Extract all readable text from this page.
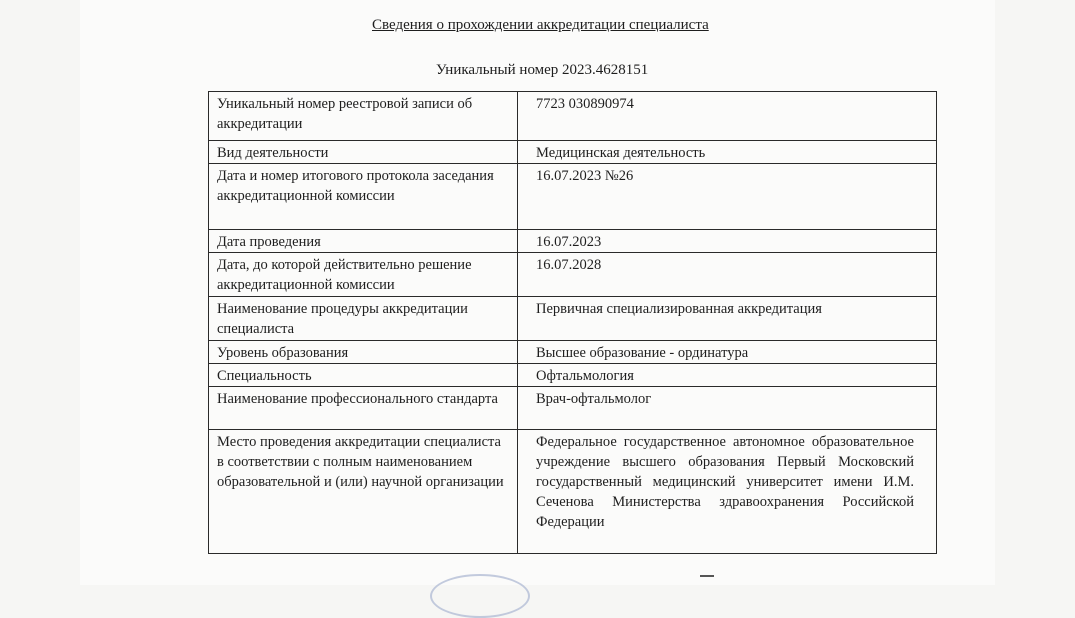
Сведения о прохождении аккредитации специалиста
Уникальный номер 2023.4628151
Уникальный номер реестровой записи об аккредитации	7723 030890974
Вид деятельности	Медицинская деятельность
Дата и номер итогового протокола заседания аккредитационной комиссии	16.07.2023 №26
Дата проведения	16.07.2023
Дата, до которой действительно решение аккредитационной комиссии	16.07.2028
Наименование процедуры аккредитации специалиста	Первичная специализированная аккредитация
Уровень образования	Высшее образование - ординатура
Специальность	Офтальмология
Наименование профессионального стандарта	Врач-офтальмолог
Место проведения аккредитации специалиста в соответствии с полным наименованием образовательной и (или) научной организации	Федеральное государственное автономное образовательное учреждение высшего образования Первый Московский государственный медицинский университет имени И.М. Сеченова Министерства здравоохранения Российской Федерации
